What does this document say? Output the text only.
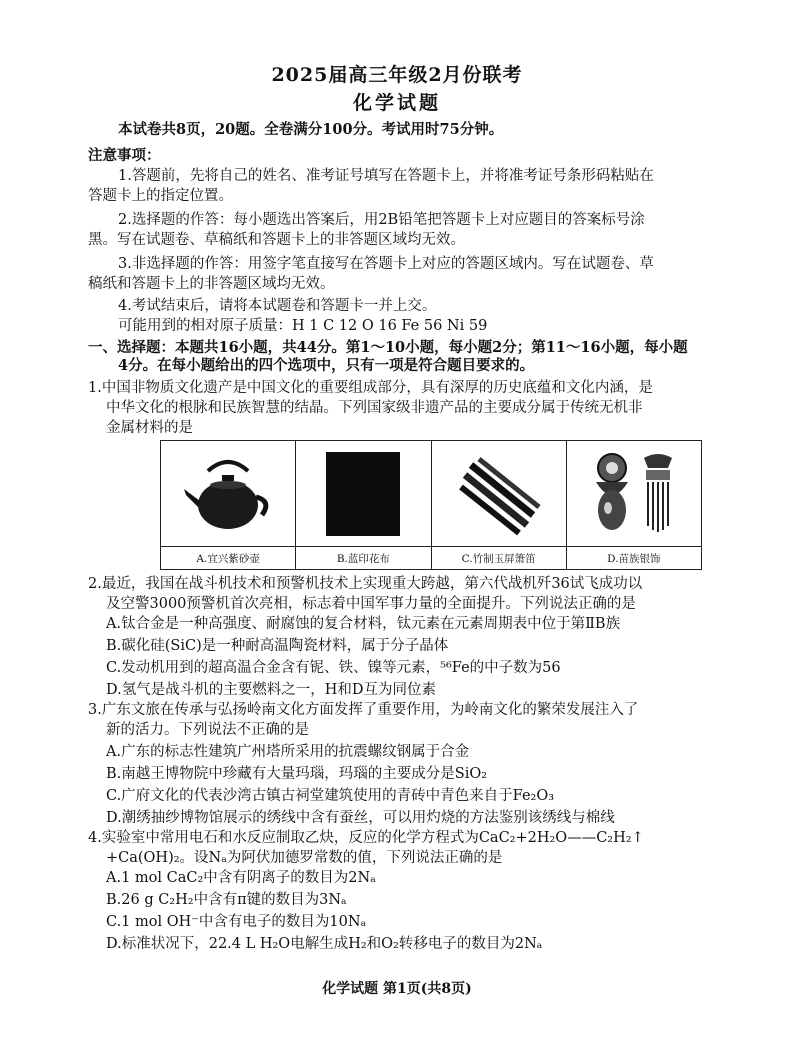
2025届高三年级2月份联考
化学试题
本试卷共8页，20题。全卷满分100分。考试用时75分钟。
注意事项：
1.答题前，先将自己的姓名、准考证号填写在答题卡上，并将准考证号条形码粘贴在
答题卡上的指定位置。
2.选择题的作答：每小题选出答案后，用2B铅笔把答题卡上对应题目的答案标号涂
黑。写在试题卷、草稿纸和答题卡上的非答题区域均无效。
3.非选择题的作答：用签字笔直接写在答题卡上对应的答题区域内。写在试题卷、草
稿纸和答题卡上的非答题区域均无效。
4.考试结束后，请将本试题卷和答题卡一并上交。
可能用到的相对原子质量：H 1 C 12 O 16 Fe 56 Ni 59
一、选择题：本题共16小题，共44分。第1～10小题，每小题2分；第11～16小题，每小题
4分。在每小题给出的四个选项中，只有一项是符合题目要求的。
1.中国非物质文化遗产是中国文化的重要组成部分，具有深厚的历史底蕴和文化内涵，是
中华文化的根脉和民族智慧的结晶。下列国家级非遗产品的主要成分属于传统无机非
金属材料的是
A.宜兴紫砂壶	B.蓝印花布	C.竹制玉屏箫笛	D.苗族银饰
2.最近，我国在战斗机技术和预警机技术上实现重大跨越，第六代战机歼36试飞成功以
及空警3000预警机首次亮相，标志着中国军事力量的全面提升。下列说法正确的是
A.钛合金是一种高强度、耐腐蚀的复合材料，钛元素在元素周期表中位于第ⅡB族
B.碳化硅(SiC)是一种耐高温陶瓷材料，属于分子晶体
C.发动机用到的超高温合金含有铌、铁、镍等元素，⁵⁶Fe的中子数为56
D.氢气是战斗机的主要燃料之一，H和D互为同位素
3.广东文旅在传承与弘扬岭南文化方面发挥了重要作用，为岭南文化的繁荣发展注入了
新的活力。下列说法不正确的是
A.广东的标志性建筑广州塔所采用的抗震螺纹钢属于合金
B.南越王博物院中珍藏有大量玛瑙，玛瑙的主要成分是SiO₂
C.广府文化的代表沙湾古镇古祠堂建筑使用的青砖中青色来自于Fe₂O₃
D.潮绣抽纱博物馆展示的绣线中含有蚕丝，可以用灼烧的方法鉴别该绣线与棉线
4.实验室中常用电石和水反应制取乙炔，反应的化学方程式为CaC₂+2H₂O——C₂H₂↑
+Ca(OH)₂。设Nₐ为阿伏加德罗常数的值，下列说法正确的是
A.1 mol CaC₂中含有阴离子的数目为2Nₐ
B.26 g C₂H₂中含有π键的数目为3Nₐ
C.1 mol OH⁻中含有电子的数目为10Nₐ
D.标准状况下，22.4 L H₂O电解生成H₂和O₂转移电子的数目为2Nₐ
化学试题 第1页(共8页)
